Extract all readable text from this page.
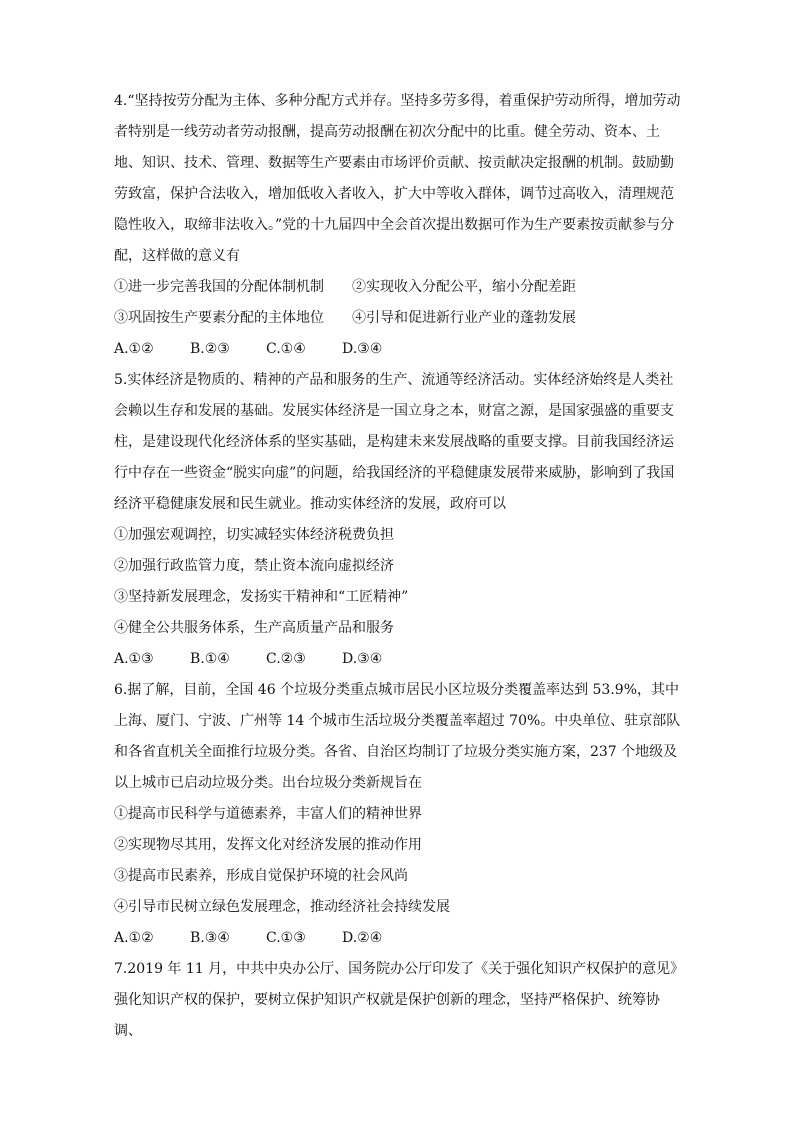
4.“坚持按劳分配为主体、多种分配方式并存。坚持多劳多得，着重保护劳动所得，增加劳动者特别是一线劳动者劳动报酬，提高劳动报酬在初次分配中的比重。健全劳动、资本、土地、知识、技术、管理、数据等生产要素由市场评价贡献、按贡献决定报酬的机制。鼓励勤劳致富，保护合法收入，增加低收入者收入，扩大中等收入群体，调节过高收入，清理规范隐性收入，取缔非法收入。”党的十九届四中全会首次提出数据可作为生产要素按贡献参与分配，这样做的意义有

①进一步完善我国的分配体制机制　　②实现收入分配公平，缩小分配差距

③巩固按生产要素分配的主体地位　　④引导和促进新行业产业的蓬勃发展

A.①②	B.②③	C.①④	D.③④

5.实体经济是物质的、精神的产品和服务的生产、流通等经济活动。实体经济始终是人类社会赖以生存和发展的基础。发展实体经济是一国立身之本，财富之源，是国家强盛的重要支柱，是建设现代化经济体系的坚实基础，是构建未来发展战略的重要支撑。目前我国经济运行中存在一些资金“脱实向虚”的问题，给我国经济的平稳健康发展带来威胁，影响到了我国经济平稳健康发展和民生就业。推动实体经济的发展，政府可以

①加强宏观调控，切实减轻实体经济税费负担

②加强行政监管力度，禁止资本流向虚拟经济

③坚持新发展理念，发扬实干精神和“工匠精神”

④健全公共服务体系，生产高质量产品和服务

A.①③	B.①④	C.②③	D.③④

6.据了解，目前，全国 46 个垃圾分类重点城市居民小区垃圾分类覆盖率达到 53.9%，其中上海、厦门、宁波、广州等 14 个城市生活垃圾分类覆盖率超过 70%。中央单位、驻京部队和各省直机关全面推行垃圾分类。各省、自治区均制订了垃圾分类实施方案，237 个地级及以上城市已启动垃圾分类。出台垃圾分类新规旨在

①提高市民科学与道德素养，丰富人们的精神世界

②实现物尽其用，发挥文化对经济发展的推动作用

③提高市民素养，形成自觉保护环境的社会风尚

④引导市民树立绿色发展理念，推动经济社会持续发展

A.①②	B.③④	C.①③	D.②④

7.2019 年 11 月，中共中央办公厅、国务院办公厅印发了《关于强化知识产权保护的意见》强化知识产权的保护，要树立保护知识产权就是保护创新的理念，坚持严格保护、统筹协调、
